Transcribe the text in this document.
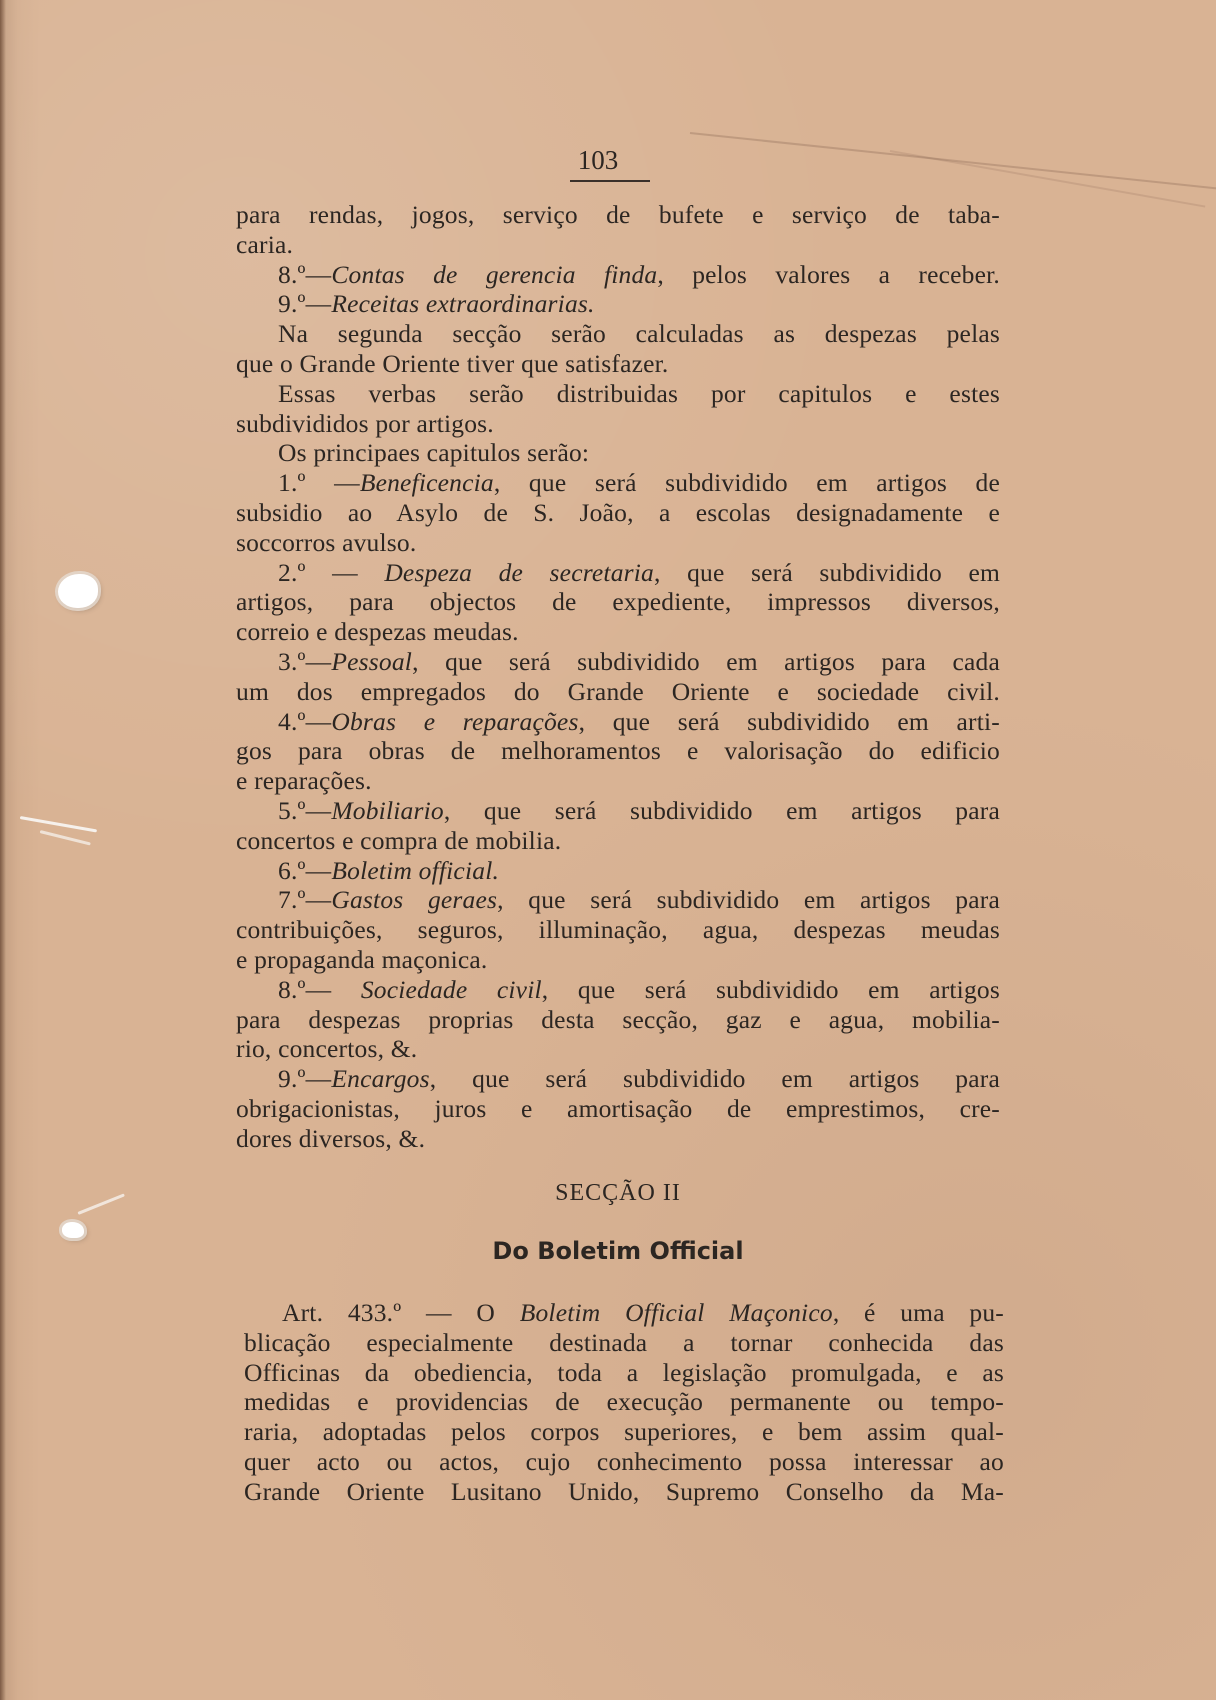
103

para rendas, jogos, serviço de bufete e serviço de taba-

caria.

8.º—Contas de gerencia finda, pelos valores a receber.

9.º—Receitas extraordinarias.

Na segunda secção serão calculadas as despezas pelas

que o Grande Oriente tiver que satisfazer.

Essas verbas serão distribuidas por capitulos e estes

subdivididos por artigos.

Os principaes capitulos serão:

1.º —Beneficencia, que será subdividido em artigos de

subsidio ao Asylo de S. João, a escolas designadamente e

soccorros avulso.

2.º — Despeza de secretaria, que será subdividido em

artigos, para objectos de expediente, impressos diversos,

correio e despezas meudas.

3.º—Pessoal, que será subdividido em artigos para cada

um dos empregados do Grande Oriente e sociedade civil.

4.º—Obras e reparações, que será subdividido em arti-

gos para obras de melhoramentos e valorisação do edificio

e reparações.

5.º—Mobiliario, que será subdividido em artigos para

concertos e compra de mobilia.

6.º—Boletim official.

7.º—Gastos geraes, que será subdividido em artigos para

contribuições, seguros, illuminação, agua, despezas meudas

e propaganda maçonica.

8.º— Sociedade civil, que será subdividido em artigos

para despezas proprias desta secção, gaz e agua, mobilia-

rio, concertos, &.

9.º—Encargos, que será subdividido em artigos para

obrigacionistas, juros e amortisação de emprestimos, cre-

dores diversos, &.

SECÇÃO II

Do Boletim Official

Art. 433.º — O Boletim Official Maçonico, é uma pu-

blicação especialmente destinada a tornar conhecida das

Officinas da obediencia, toda a legislação promulgada, e as

medidas e providencias de execução permanente ou tempo-

raria, adoptadas pelos corpos superiores, e bem assim qual-

quer acto ou actos, cujo conhecimento possa interessar ao

Grande Oriente Lusitano Unido, Supremo Conselho da Ma-
